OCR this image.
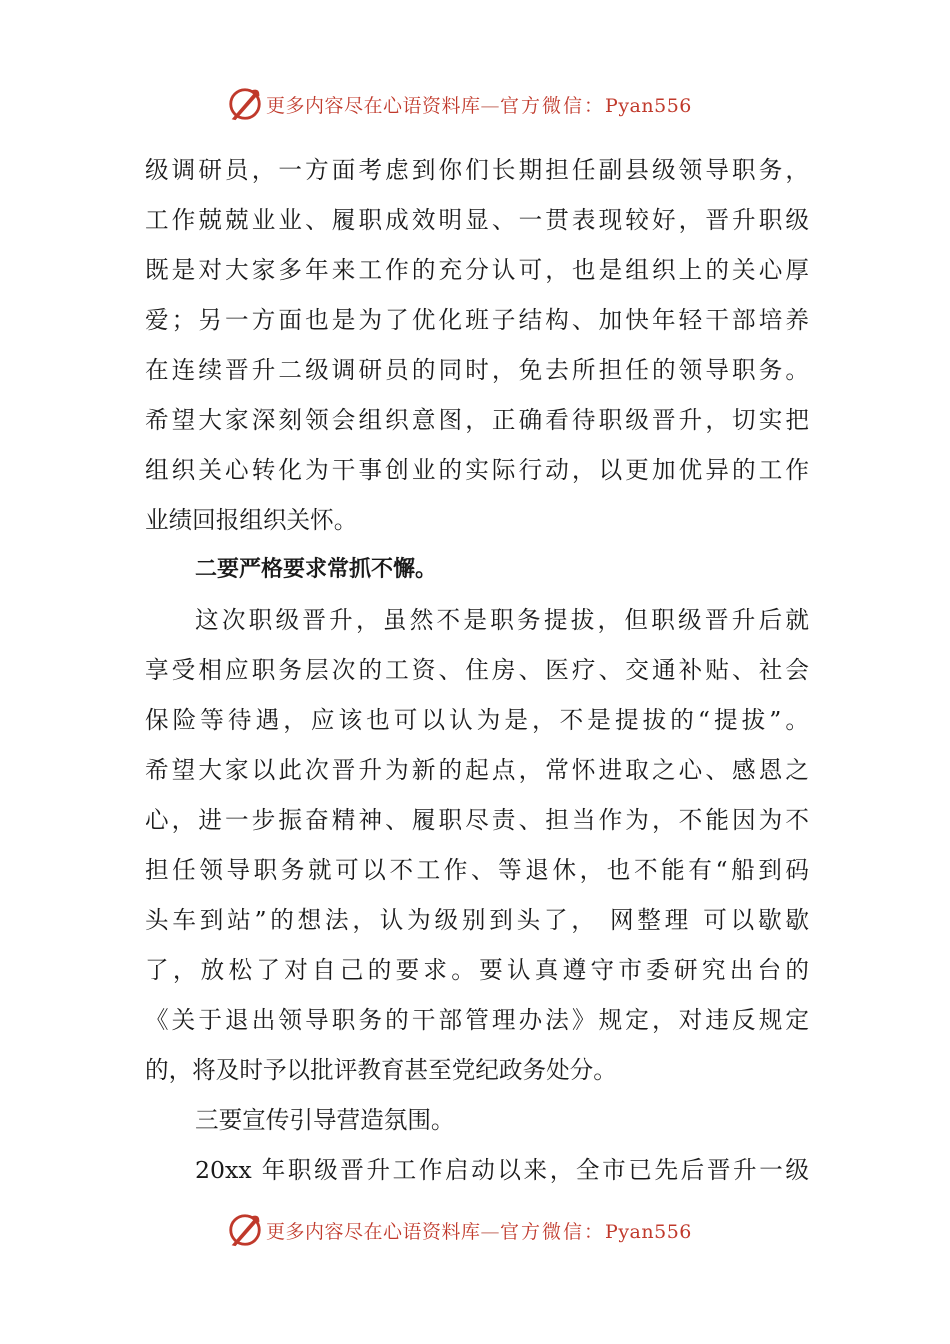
更多内容尽在心语资料库—官方微信：Pyan556
级调研员，一方面考虑到你们长期担任副县级领导职务，
工作兢兢业业、履职成效明显、一贯表现较好，晋升职级
既是对大家多年来工作的充分认可，也是组织上的关心厚
爱；另一方面也是为了优化班子结构、加快年轻干部培养
在连续晋升二级调研员的同时，免去所担任的领导职务。
希望大家深刻领会组织意图，正确看待职级晋升，切实把
组织关心转化为干事创业的实际行动，以更加优异的工作
业绩回报组织关怀。
二要严格要求常抓不懈。
这次职级晋升，虽然不是职务提拔，但职级晋升后就
享受相应职务层次的工资、住房、医疗、交通补贴、社会
保险等待遇，应该也可以认为是，不是提拔的“提拔”。
希望大家以此次晋升为新的起点，常怀进取之心、感恩之
心，进一步振奋精神、履职尽责、担当作为，不能因为不
担任领导职务就可以不工作、等退休，也不能有“船到码
头车到站”的想法，认为级别到头了， 网整理 可以歇歇
了，放松了对自己的要求。要认真遵守市委研究出台的
《关于退出领导职务的干部管理办法》规定，对违反规定
的，将及时予以批评教育甚至党纪政务处分。
三要宣传引导营造氛围。
20xx 年职级晋升工作启动以来，全市已先后晋升一级
更多内容尽在心语资料库—官方微信：Pyan556
